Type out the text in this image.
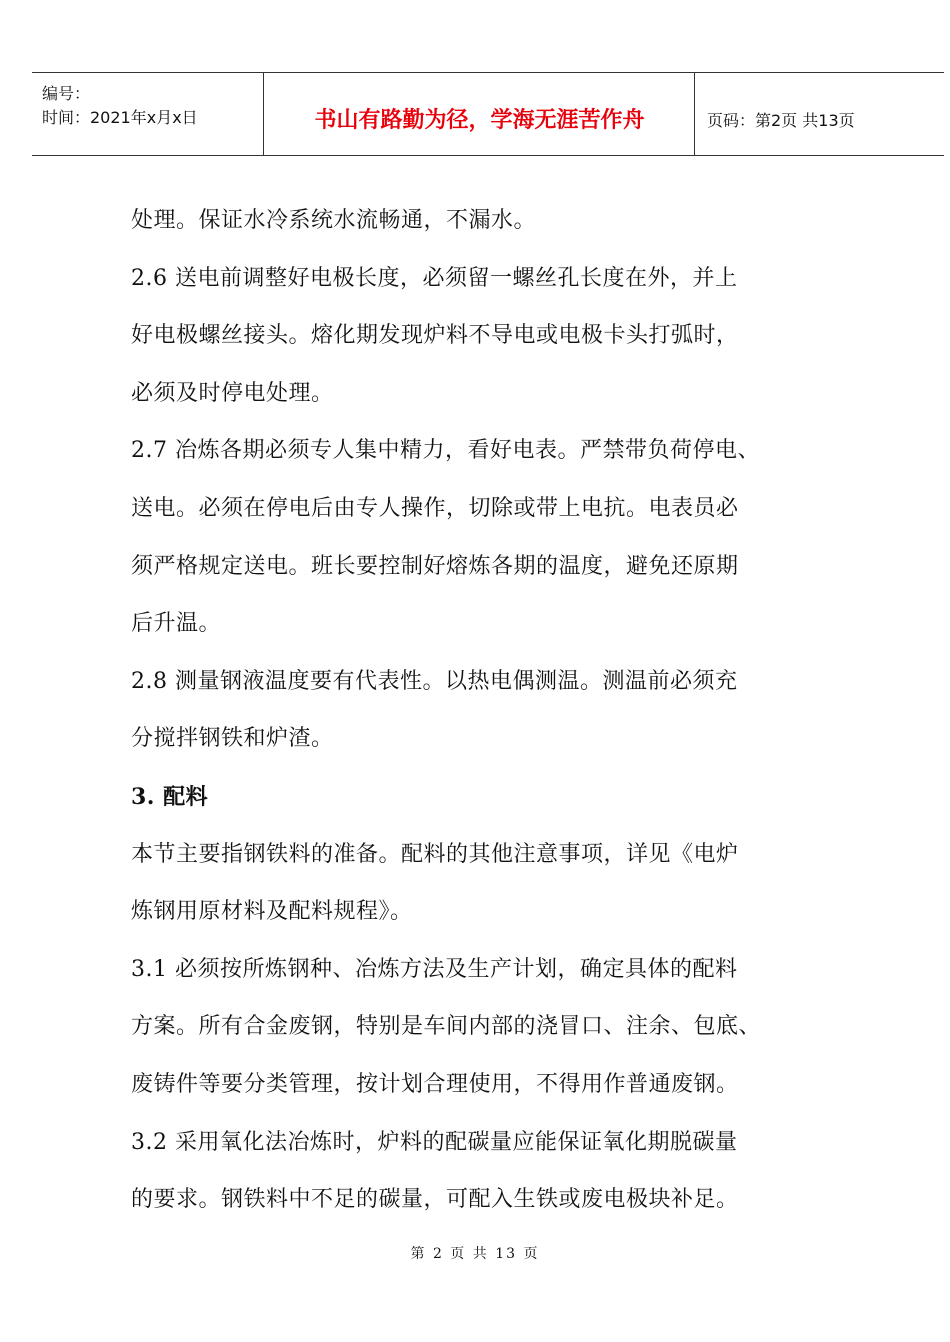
编号：
时间：2021年x月x日	书山有路勤为径，学海无涯苦作舟	页码：第2页 共13页
处理。保证水冷系统水流畅通，不漏水。
2.6 送电前调整好电极长度，必须留一螺丝孔长度在外，并上
好电极螺丝接头。熔化期发现炉料不导电或电极卡头打弧时，
必须及时停电处理。
2.7 冶炼各期必须专人集中精力，看好电表。严禁带负荷停电、
送电。必须在停电后由专人操作，切除或带上电抗。电表员必
须严格规定送电。班长要控制好熔炼各期的温度，避免还原期
后升温。
2.8 测量钢液温度要有代表性。以热电偶测温。测温前必须充
分搅拌钢铁和炉渣。
3. 配料
本节主要指钢铁料的准备。配料的其他注意事项，详见《电炉
炼钢用原材料及配料规程》。
3.1 必须按所炼钢种、冶炼方法及生产计划，确定具体的配料
方案。所有合金废钢，特别是车间内部的浇冒口、注余、包底、
废铸件等要分类管理，按计划合理使用，不得用作普通废钢。
3.2 采用氧化法冶炼时，炉料的配碳量应能保证氧化期脱碳量
的要求。钢铁料中不足的碳量，可配入生铁或废电极块补足。
第 2 页 共 13 页
